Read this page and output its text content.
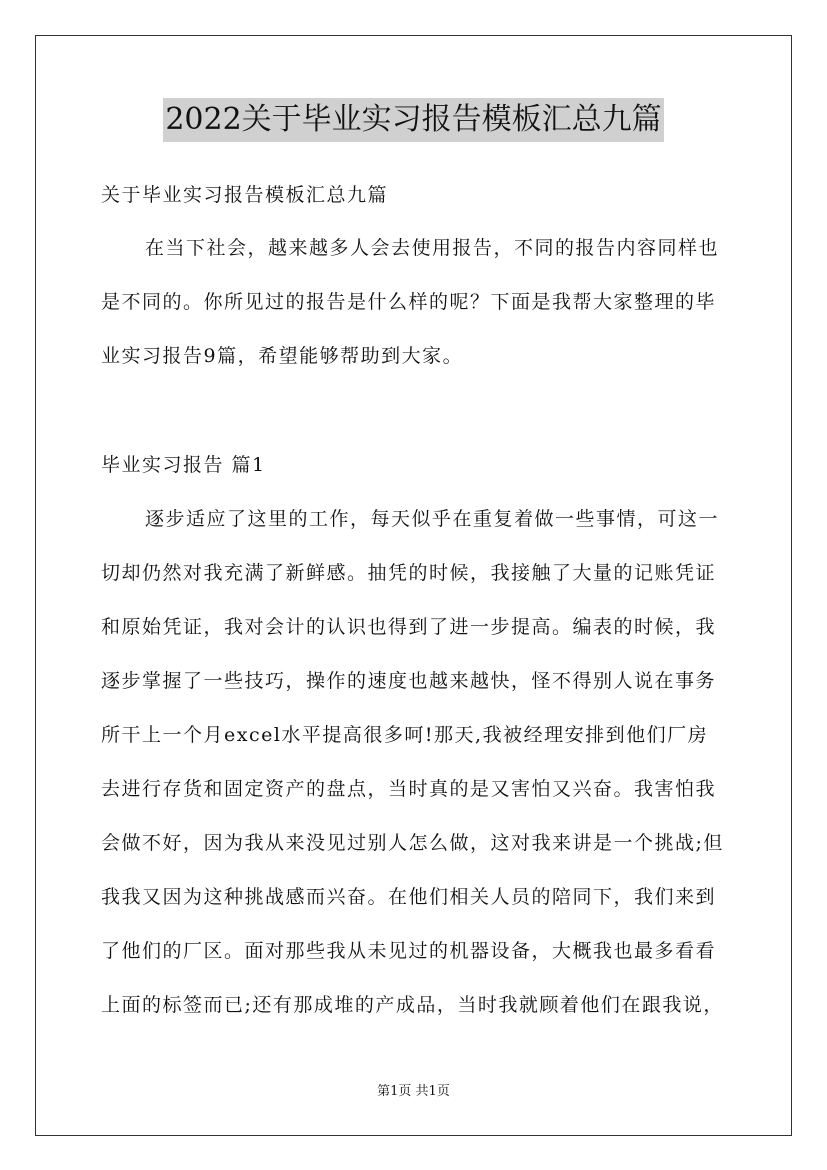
2022关于毕业实习报告模板汇总九篇
关于毕业实习报告模板汇总九篇
在当下社会，越来越多人会去使用报告，不同的报告内容同样也
是不同的。你所见过的报告是什么样的呢？下面是我帮大家整理的毕
业实习报告9篇，希望能够帮助到大家。
毕业实习报告 篇1
逐步适应了这里的工作，每天似乎在重复着做一些事情，可这一
切却仍然对我充满了新鲜感。抽凭的时候，我接触了大量的记账凭证
和原始凭证，我对会计的认识也得到了进一步提高。编表的时候，我
逐步掌握了一些技巧，操作的速度也越来越快，怪不得别人说在事务
所干上一个月excel水平提高很多呵!那天,我被经理安排到他们厂房
去进行存货和固定资产的盘点，当时真的是又害怕又兴奋。我害怕我
会做不好，因为我从来没见过别人怎么做，这对我来讲是一个挑战;但
我我又因为这种挑战感而兴奋。在他们相关人员的陪同下，我们来到
了他们的厂区。面对那些我从未见过的机器设备，大概我也最多看看
上面的标签而已;还有那成堆的产成品，当时我就顾着他们在跟我说，
第1页 共1页
